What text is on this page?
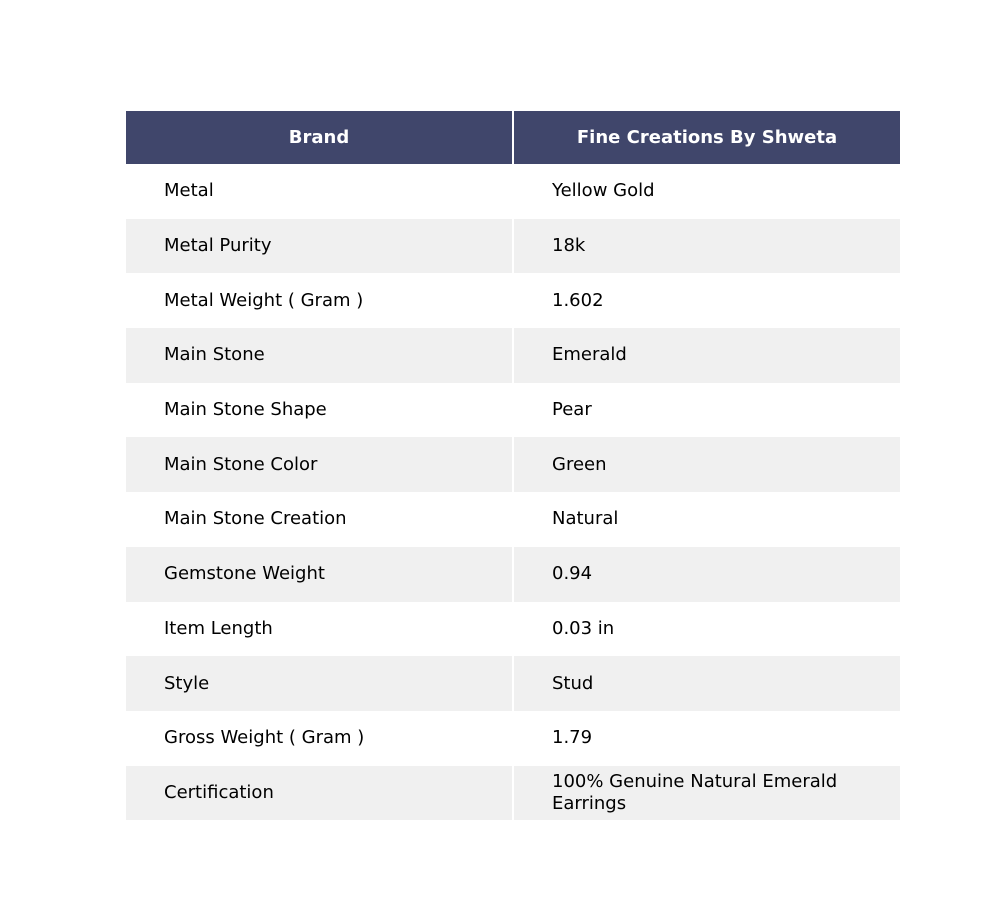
Brand	Fine Creations By Shweta
Metal	Yellow Gold
Metal Purity	18k
Metal Weight ( Gram )	1.602
Main Stone	Emerald
Main Stone Shape	Pear
Main Stone Color	Green
Main Stone Creation	Natural
Gemstone Weight	0.94
Item Length	0.03 in
Style	Stud
Gross Weight ( Gram )	1.79
Certification	100% Genuine Natural Emerald Earrings
